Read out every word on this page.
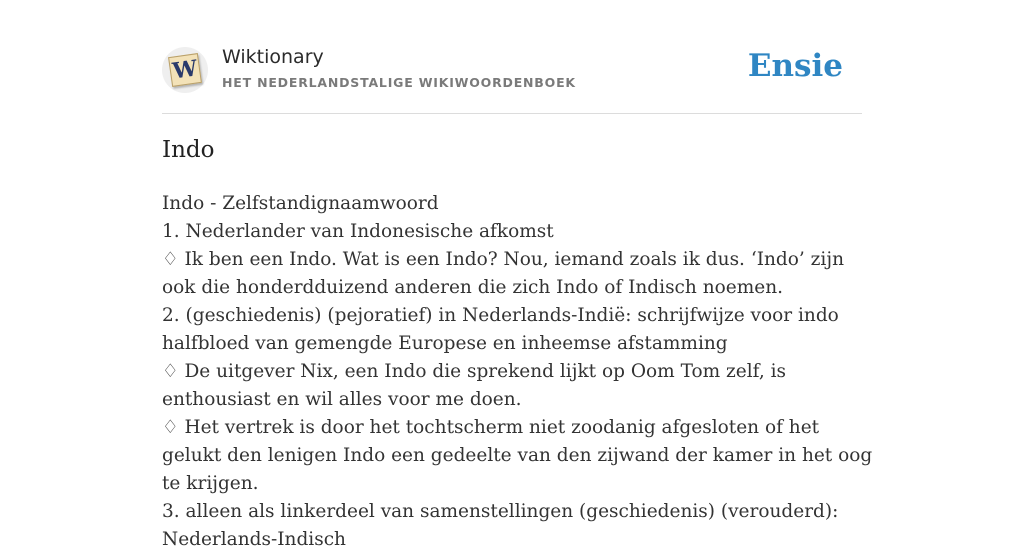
W Wiktionary
HET NEDERLANDSTALIGE WIKIWOORDENBOEK	Ensie
Indo
Indo - Zelfstandignaamwoord
1. Nederlander van Indonesische afkomst
♢ Ik ben een Indo. Wat is een Indo? Nou, iemand zoals ik dus. ‘Indo’ zijn ook die honderdduizend anderen die zich Indo of Indisch noemen.
2. (geschiedenis) (pejoratief) in Nederlands-Indië: schrijfwijze voor indo halfbloed van gemengde Europese en inheemse afstamming
♢ De uitgever Nix, een Indo die sprekend lijkt op Oom Tom zelf, is enthousiast en wil alles voor me doen.
♢ Het vertrek is door het tochtscherm niet zoodanig afgesloten of het gelukt den lenigen Indo een gedeelte van den zijwand der kamer in het oog te krijgen.
3. alleen als linkerdeel van samenstellingen (geschiedenis) (verouderd): Nederlands-Indisch
